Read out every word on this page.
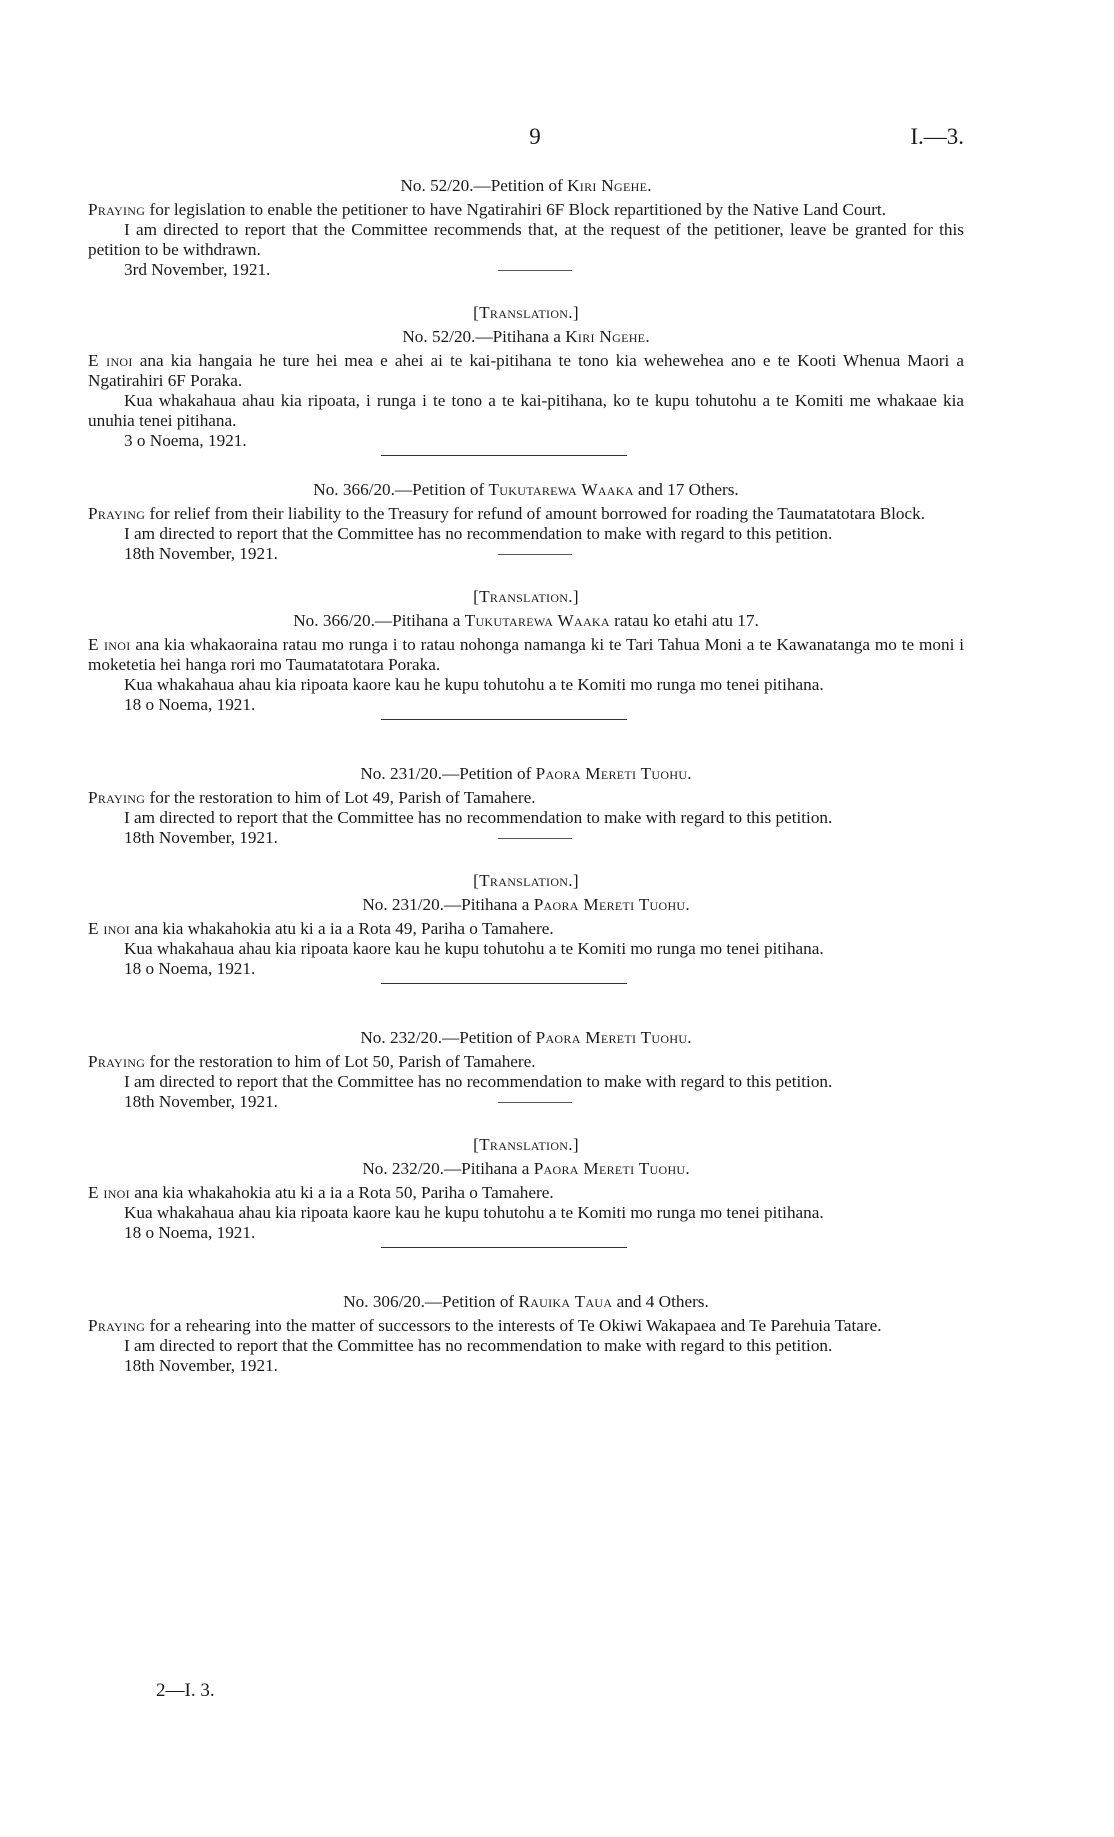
9	I.—3.

No. 52/20.—Petition of Kiri Ngehe.

Praying for legislation to enable the petitioner to have Ngatirahiri 6F Block repartitioned by the Native Land Court.

I am directed to report that the Committee recommends that, at the request of the petitioner, leave be granted for this petition to be withdrawn.

3rd November, 1921.

[Translation.]

No. 52/20.—Pitihana a Kiri Ngehe.

E inoi ana kia hangaia he ture hei mea e ahei ai te kai-pitihana te tono kia wehewehea ano e te Kooti Whenua Maori a Ngatirahiri 6F Poraka.

Kua whakahaua ahau kia ripoata, i runga i te tono a te kai-pitihana, ko te kupu tohutohu a te Komiti me whakaae kia unuhia tenei pitihana.

3 o Noema, 1921.

No. 366/20.—Petition of Tukutarewa Waaka and 17 Others.

Praying for relief from their liability to the Treasury for refund of amount borrowed for roading the Taumatatotara Block.

I am directed to report that the Committee has no recommendation to make with regard to this petition.

18th November, 1921.

[Translation.]

No. 366/20.—Pitihana a Tukutarewa Waaka ratau ko etahi atu 17.

E inoi ana kia whakaoraina ratau mo runga i to ratau nohonga namanga ki te Tari Tahua Moni a te Kawanatanga mo te moni i moketetia hei hanga rori mo Taumatatotara Poraka.

Kua whakahaua ahau kia ripoata kaore kau he kupu tohutohu a te Komiti mo runga mo tenei pitihana.

18 o Noema, 1921.

No. 231/20.—Petition of Paora Mereti Tuohu.

Praying for the restoration to him of Lot 49, Parish of Tamahere.

I am directed to report that the Committee has no recommendation to make with regard to this petition.

18th November, 1921.

[Translation.]

No. 231/20.—Pitihana a Paora Mereti Tuohu.

E inoi ana kia whakahokia atu ki a ia a Rota 49, Pariha o Tamahere.

Kua whakahaua ahau kia ripoata kaore kau he kupu tohutohu a te Komiti mo runga mo tenei pitihana.

18 o Noema, 1921.

No. 232/20.—Petition of Paora Mereti Tuohu.

Praying for the restoration to him of Lot 50, Parish of Tamahere.

I am directed to report that the Committee has no recommendation to make with regard to this petition.

18th November, 1921.

[Translation.]

No. 232/20.—Pitihana a Paora Mereti Tuohu.

E inoi ana kia whakahokia atu ki a ia a Rota 50, Pariha o Tamahere.

Kua whakahaua ahau kia ripoata kaore kau he kupu tohutohu a te Komiti mo runga mo tenei pitihana.

18 o Noema, 1921.

No. 306/20.—Petition of Rauika Taua and 4 Others.

Praying for a rehearing into the matter of successors to the interests of Te Okiwi Wakapaea and Te Parehuia Tatare.

I am directed to report that the Committee has no recommendation to make with regard to this petition.

18th November, 1921.

2—I. 3.
